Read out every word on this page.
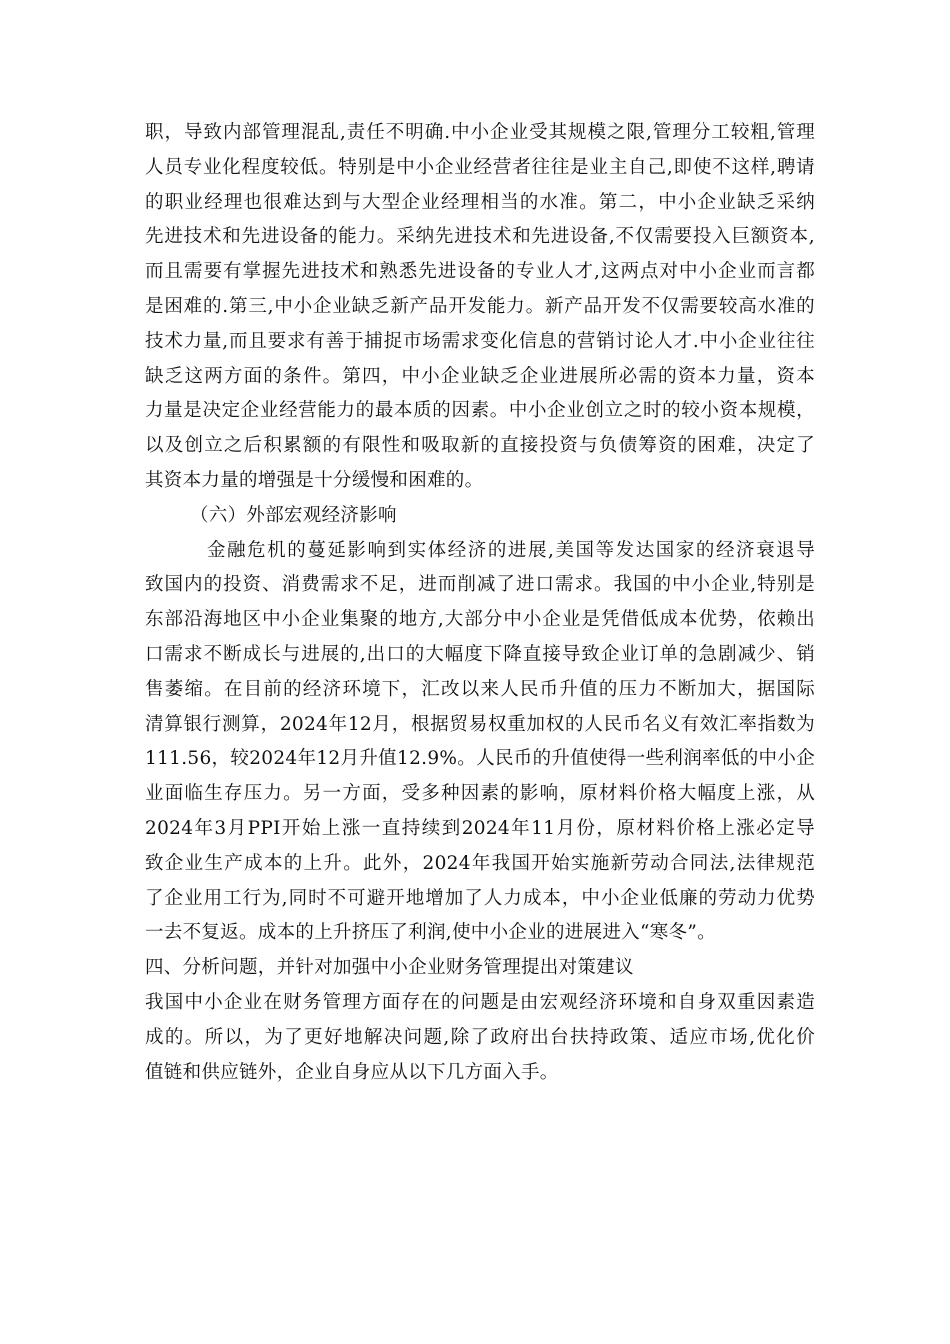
职，导致内部管理混乱,责任不明确.中小企业受其规模之限,管理分工较粗,管理
人员专业化程度较低。特别是中小企业经营者往往是业主自己,即使不这样,聘请
的职业经理也很难达到与大型企业经理相当的水准。第二，中小企业缺乏采纳
先进技术和先进设备的能力。采纳先进技术和先进设备,不仅需要投入巨额资本,
而且需要有掌握先进技术和熟悉先进设备的专业人才,这两点对中小企业而言都
是困难的.第三,中小企业缺乏新产品开发能力。新产品开发不仅需要较高水准的
技术力量,而且要求有善于捕捉市场需求变化信息的营销讨论人才.中小企业往往
缺乏这两方面的条件。第四，中小企业缺乏企业进展所必需的资本力量，资本
力量是决定企业经营能力的最本质的因素。中小企业创立之时的较小资本规模，
以及创立之后积累额的有限性和吸取新的直接投资与负债筹资的困难，决定了
其资本力量的增强是十分缓慢和困难的。
（六）外部宏观经济影响
金融危机的蔓延影响到实体经济的进展,美国等发达国家的经济衰退导
致国内的投资、消费需求不足，进而削减了进口需求。我国的中小企业,特别是
东部沿海地区中小企业集聚的地方,大部分中小企业是凭借低成本优势，依赖出
口需求不断成长与进展的,出口的大幅度下降直接导致企业订单的急剧减少、销
售萎缩。在目前的经济环境下，汇改以来人民币升值的压力不断加大，据国际
清算银行测算，2024年12月，根据贸易权重加权的人民币名义有效汇率指数为
111.56，较2024年12月升值12.9%。人民币的升值使得一些利润率低的中小企
业面临生存压力。另一方面，受多种因素的影响，原材料价格大幅度上涨，从
2024年3月PPI开始上涨一直持续到2024年11月份，原材料价格上涨必定导
致企业生产成本的上升。此外，2024年我国开始实施新劳动合同法,法律规范
了企业用工行为,同时不可避开地增加了人力成本，中小企业低廉的劳动力优势
一去不复返。成本的上升挤压了利润,使中小企业的进展进入“寒冬”。
四、分析问题，并针对加强中小企业财务管理提出对策建议
我国中小企业在财务管理方面存在的问题是由宏观经济环境和自身双重因素造
成的。所以，为了更好地解决问题,除了政府出台扶持政策、适应市场,优化价
值链和供应链外，企业自身应从以下几方面入手。
